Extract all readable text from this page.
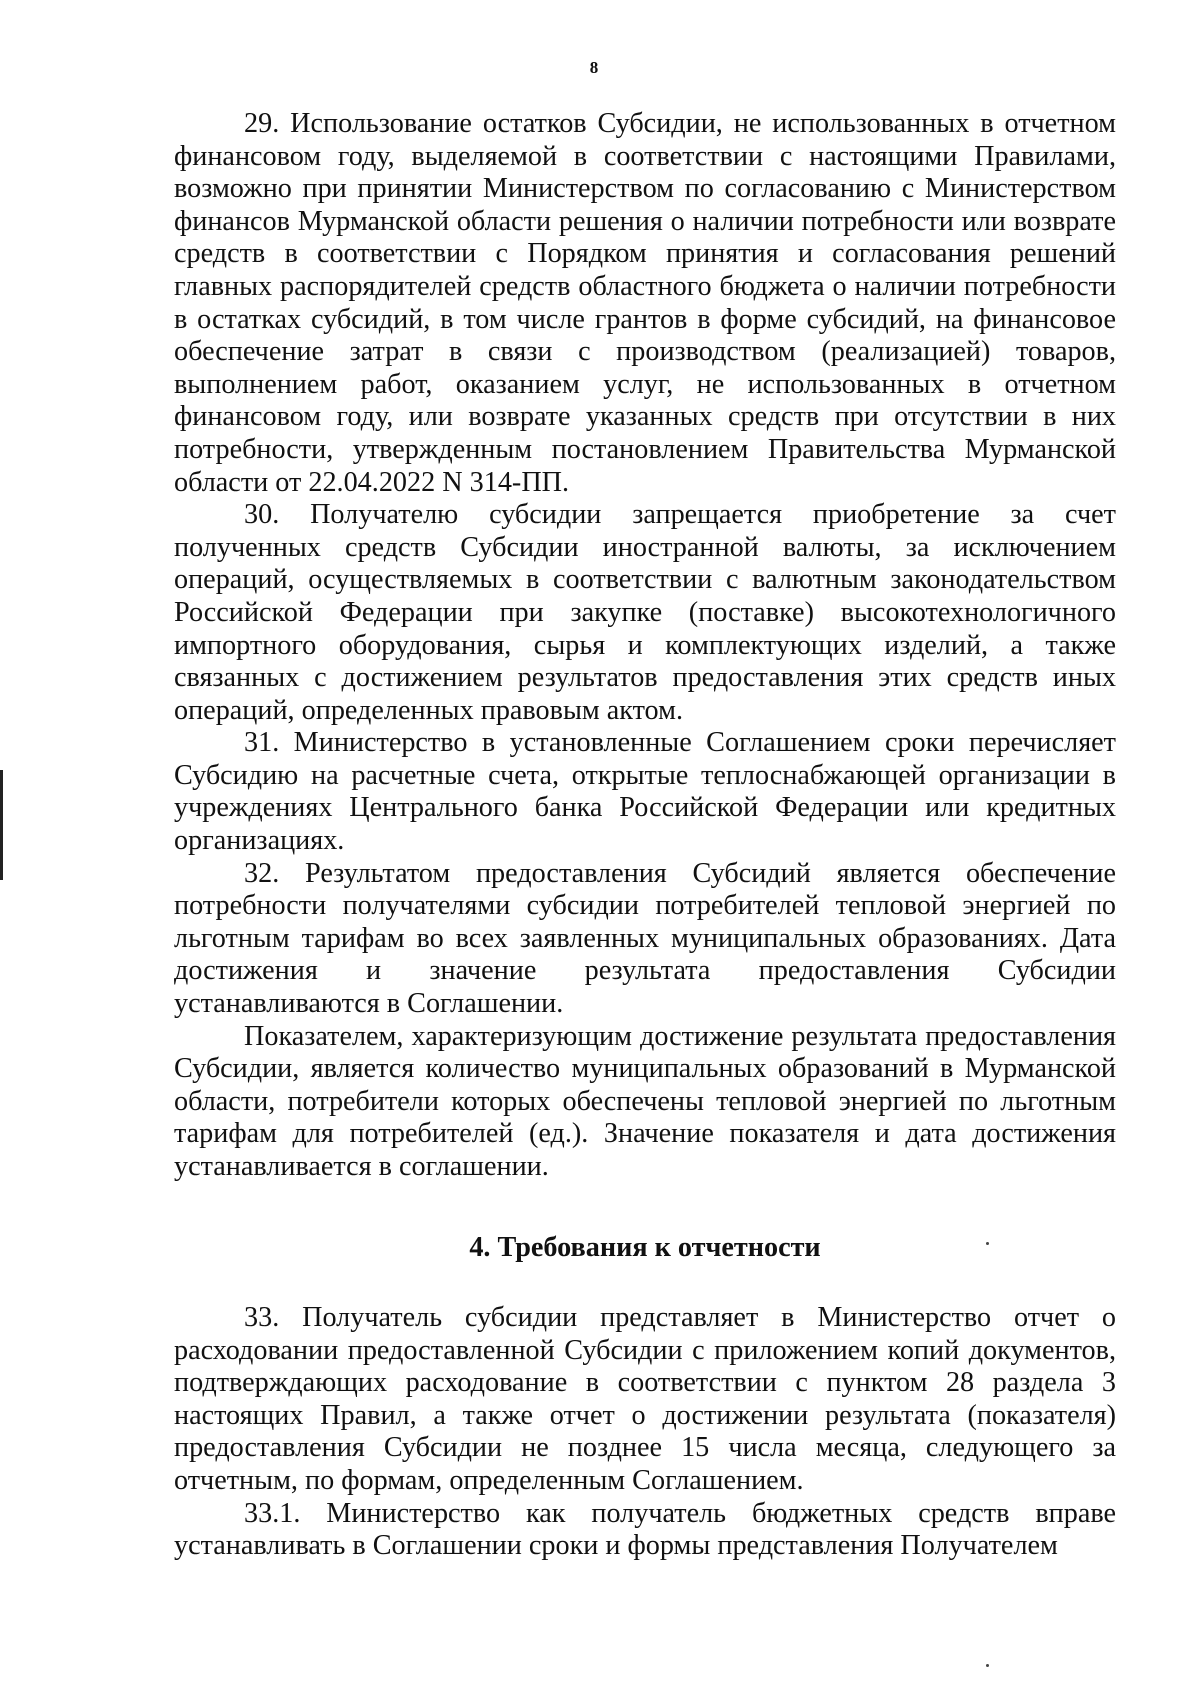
8

29. Использование остатков Субсидии, не использованных в отчетном финансовом году, выделяемой в соответствии с настоящими Правилами, возможно при принятии Министерством по согласованию с Министерством финансов Мурманской области решения о наличии потребности или возврате средств в соответствии с Порядком принятия и согласования решений главных распорядителей средств областного бюджета о наличии потребности в остатках субсидий, в том числе грантов в форме субсидий, на финансовое обеспечение затрат в связи с производством (реализацией) товаров, выполнением работ, оказанием услуг, не использованных в отчетном финансовом году, или возврате указанных средств при отсутствии в них потребности, утвержденным постановлением Правительства Мурманской области от 22.04.2022 N 314-ПП.

30. Получателю субсидии запрещается приобретение за счет полученных средств Субсидии иностранной валюты, за исключением операций, осуществляемых в соответствии с валютным законодательством Российской Федерации при закупке (поставке) высокотехнологичного импортного оборудования, сырья и комплектующих изделий, а также связанных с достижением результатов предоставления этих средств иных операций, определенных правовым актом.

31. Министерство в установленные Соглашением сроки перечисляет Субсидию на расчетные счета, открытые теплоснабжающей организации в учреждениях Центрального банка Российской Федерации или кредитных организациях.

32. Результатом предоставления Субсидий является обеспечение потребности получателями субсидии потребителей тепловой энергией по льготным тарифам во всех заявленных муниципальных образованиях. Дата достижения и значение результата предоставления Субсидии устанавливаются в Соглашении.

Показателем, характеризующим достижение результата предоставления Субсидии, является количество муниципальных образований в Мурманской области, потребители которых обеспечены тепловой энергией по льготным тарифам для потребителей (ед.). Значение показателя и дата достижения устанавливается в соглашении.

4. Требования к отчетности

33. Получатель субсидии представляет в Министерство отчет о расходовании предоставленной Субсидии с приложением копий документов, подтверждающих расходование в соответствии с пунктом 28 раздела 3 настоящих Правил, а также отчет о достижении результата (показателя) предоставления Субсидии не позднее 15 числа месяца, следующего за отчетным, по формам, определенным Соглашением.

33.1. Министерство как получатель бюджетных средств вправе устанавливать в Соглашении сроки и формы представления Получателем
